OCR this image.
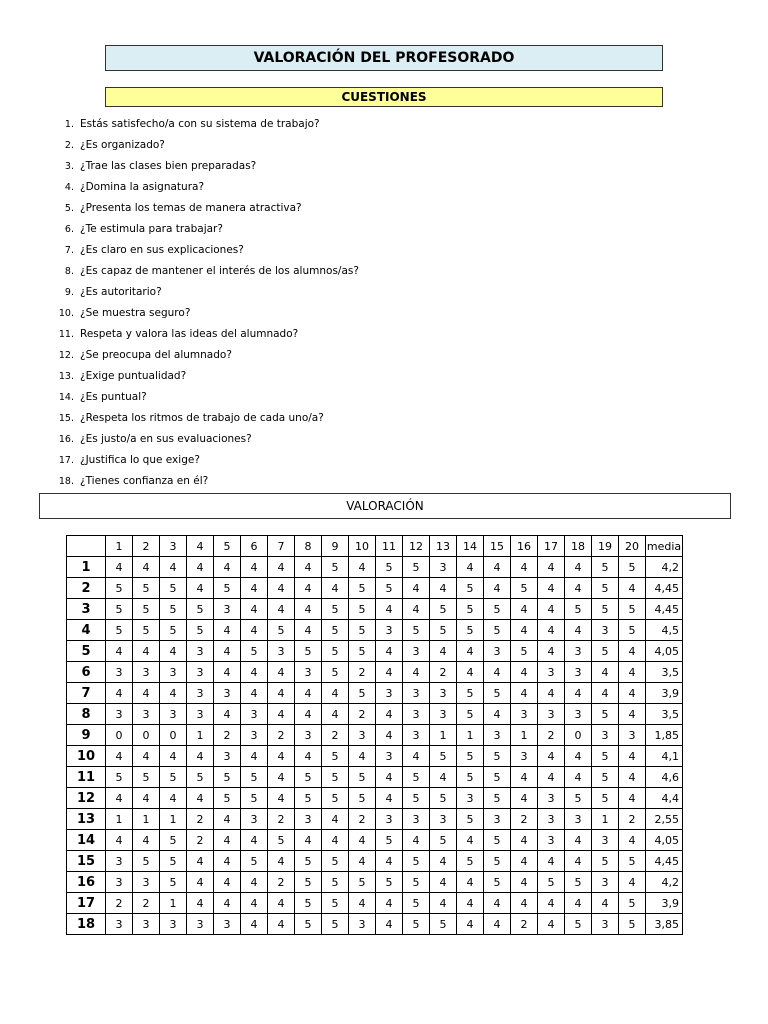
VALORACIÓN DEL PROFESORADO
CUESTIONES
1. Estás satisfecho/a con su sistema de trabajo?
2. ¿Es organizado?
3. ¿Trae las clases bien preparadas?
4. ¿Domina la asignatura?
5. ¿Presenta los temas de manera atractiva?
6. ¿Te estimula para trabajar?
7. ¿Es claro en sus explicaciones?
8. ¿Es capaz de mantener el interés de los alumnos/as?
9. ¿Es autoritario?
10. ¿Se muestra seguro?
11. Respeta y valora las ideas del alumnado?
12. ¿Se preocupa del alumnado?
13. ¿Exige puntualidad?
14. ¿Es puntual?
15. ¿Respeta los ritmos de trabajo de cada uno/a?
16. ¿Es justo/a en sus evaluaciones?
17. ¿Justifica lo que exige?
18. ¿Tienes confianza en él?
VALORACIÓN
	1	2	3	4	5	6	7	8	9	10	11	12	13	14	15	16	17	18	19	20	media
1	4	4	4	4	4	4	4	4	5	4	5	5	3	4	4	4	4	4	5	5	4,2
2	5	5	5	4	5	4	4	4	4	5	5	4	4	5	4	5	4	4	5	4	4,45
3	5	5	5	5	3	4	4	4	5	5	4	4	5	5	5	4	4	5	5	5	4,45
4	5	5	5	5	4	4	5	4	5	5	3	5	5	5	5	4	4	4	3	5	4,5
5	4	4	4	3	4	5	3	5	5	5	4	3	4	4	3	5	4	3	5	4	4,05
6	3	3	3	3	4	4	4	3	5	2	4	4	2	4	4	4	3	3	4	4	3,5
7	4	4	4	3	3	4	4	4	4	5	3	3	3	5	5	4	4	4	4	4	3,9
8	3	3	3	3	4	3	4	4	4	2	4	3	3	5	4	3	3	3	5	4	3,5
9	0	0	0	1	2	3	2	3	2	3	4	3	1	1	3	1	2	0	3	3	1,85
10	4	4	4	4	3	4	4	4	5	4	3	4	5	5	5	3	4	4	5	4	4,1
11	5	5	5	5	5	5	4	5	5	5	4	5	4	5	5	4	4	4	5	4	4,6
12	4	4	4	4	5	5	4	5	5	5	4	5	5	3	5	4	3	5	5	4	4,4
13	1	1	1	2	4	3	2	3	4	2	3	3	3	5	3	2	3	3	1	2	2,55
14	4	4	5	2	4	4	5	4	4	4	5	4	5	4	5	4	3	4	3	4	4,05
15	3	5	5	4	4	5	4	5	5	4	4	5	4	5	5	4	4	4	5	5	4,45
16	3	3	5	4	4	4	2	5	5	5	5	5	4	4	5	4	5	5	3	4	4,2
17	2	2	1	4	4	4	4	5	5	4	4	5	4	4	4	4	4	4	4	5	3,9
18	3	3	3	3	3	4	4	5	5	3	4	5	5	4	4	2	4	5	3	5	3,85
